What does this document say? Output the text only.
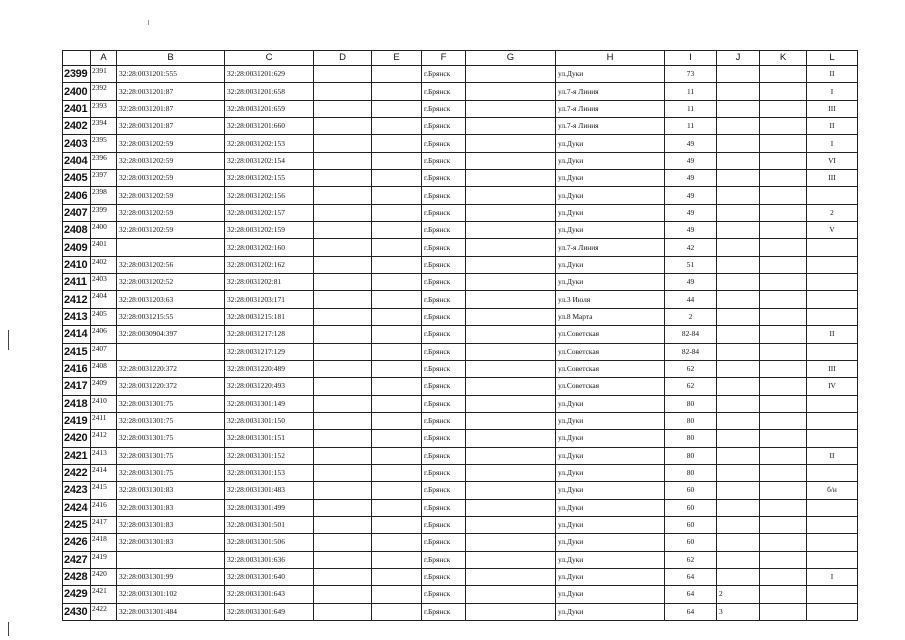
	A	B	C	D	E	F	G	H	I	J	K	L
2399	2391	32:28:0031201:555	32:28:0031201:629			г.Брянск		ул.Дуки	73			II
2400	2392	32:28:0031201:87	32:28:0031201:658			г.Брянск		ул.7-я Линия	11			I
2401	2393	32:28:0031201:87	32:28:0031201:659			г.Брянск		ул.7-я Линия	11			III
2402	2394	32:28:0031201:87	32:28:0031201:660			г.Брянск		ул.7-я Линия	11			II
2403	2395	32:28:0031202:59	32:28:0031202:153			г.Брянск		ул.Дуки	49			I
2404	2396	32:28:0031202:59	32:28:0031202:154			г.Брянск		ул.Дуки	49			VI
2405	2397	32:28:0031202:59	32:28:0031202:155			г.Брянск		ул.Дуки	49			III
2406	2398	32:28:0031202:59	32:28:0031202:156			г.Брянск		ул.Дуки	49			
2407	2399	32:28:0031202:59	32:28:0031202:157			г.Брянск		ул.Дуки	49			2
2408	2400	32:28:0031202:59	32:28:0031202:159			г.Брянск		ул.Дуки	49			V
2409	2401		32:28:0031202:160			г.Брянск		ул.7-я Линия	42			
2410	2402	32:28:0031202:56	32:28:0031202:162			г.Брянск		ул.Дуки	51			
2411	2403	32:28:0031202:52	32:28:0031202:81			г.Брянск		ул.Дуки	49			
2412	2404	32:28:0031203:63	32:28:0031203:171			г.Брянск		ул.3 Июля	44			
2413	2405	32:28:0031215:55	32:28:0031215:181			г.Брянск		ул.8 Марта	2			
2414	2406	32:28:0030904:397	32:28:0031217:128			г.Брянск		ул.Советская	82-84			II
2415	2407		32:28:0031217:129			г.Брянск		ул.Советская	82-84			
2416	2408	32:28:0031220:372	32:28:0031220:489			г.Брянск		ул.Советская	62			III
2417	2409	32:28:0031220:372	32:28:0031220:493			г.Брянск		ул.Советская	62			IV
2418	2410	32:28:0031301:75	32:28:0031301:149			г.Брянск		ул.Дуки	80			
2419	2411	32:28:0031301:75	32:28:0031301:150			г.Брянск		ул.Дуки	80			
2420	2412	32:28:0031301:75	32:28:0031301:151			г.Брянск		ул.Дуки	80			
2421	2413	32:28:0031301:75	32:28:0031301:152			г.Брянск		ул.Дуки	80			II
2422	2414	32:28:0031301:75	32:28:0031301:153			г.Брянск		ул.Дуки	80			
2423	2415	32:28:0031301:83	32:28:0031301:483			г.Брянск		ул.Дуки	60			б/н
2424	2416	32:28:0031301:83	32:28:0031301:499			г.Брянск		ул.Дуки	60			
2425	2417	32:28:0031301:83	32:28:0031301:501			г.Брянск		ул.Дуки	60			
2426	2418	32:28:0031301:83	32:28:0031301:506			г.Брянск		ул.Дуки	60			
2427	2419		32:28:0031301:636			г.Брянск		ул.Дуки	62			
2428	2420	32:28:0031301:99	32:28:0031301:640			г.Брянск		ул.Дуки	64			I
2429	2421	32:28:0031301:102	32:28:0031301:643			г.Брянск		ул.Дуки	64	2		
2430	2422	32:28:0031301:484	32:28:0031301:649			г.Брянск		ул.Дуки	64	3		
